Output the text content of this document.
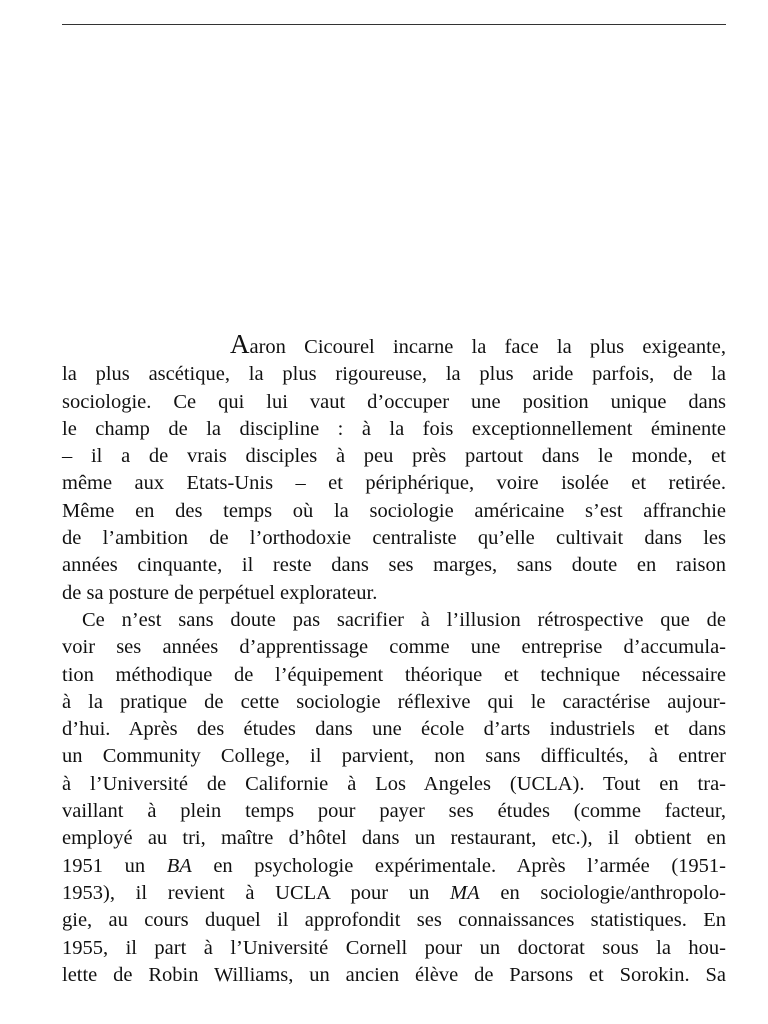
Aaron Cicourel incarne la face la plus exigeante,
la plus ascétique, la plus rigoureuse, la plus aride parfois, de la
sociologie. Ce qui lui vaut d’occuper une position unique dans
le champ de la discipline : à la fois exceptionnellement éminente
– il a de vrais disciples à peu près partout dans le monde, et
même aux Etats-Unis – et périphérique, voire isolée et retirée.
Même en des temps où la sociologie américaine s’est affranchie
de l’ambition de l’orthodoxie centraliste qu’elle cultivait dans les
années cinquante, il reste dans ses marges, sans doute en raison
de sa posture de perpétuel explorateur.
Ce n’est sans doute pas sacrifier à l’illusion rétrospective que de
voir ses années d’apprentissage comme une entreprise d’accumula-
tion méthodique de l’équipement théorique et technique nécessaire
à la pratique de cette sociologie réflexive qui le caractérise aujour-
d’hui. Après des études dans une école d’arts industriels et dans
un Community College, il parvient, non sans difficultés, à entrer
à l’Université de Californie à Los Angeles (UCLA). Tout en tra-
vaillant à plein temps pour payer ses études (comme facteur,
employé au tri, maître d’hôtel dans un restaurant, etc.), il obtient en
1951 un BA en psychologie expérimentale. Après l’armée (1951-
1953), il revient à UCLA pour un MA en sociologie/anthropolo-
gie, au cours duquel il approfondit ses connaissances statistiques. En
1955, il part à l’Université Cornell pour un doctorat sous la hou-
lette de Robin Williams, un ancien élève de Parsons et Sorokin. Sa
